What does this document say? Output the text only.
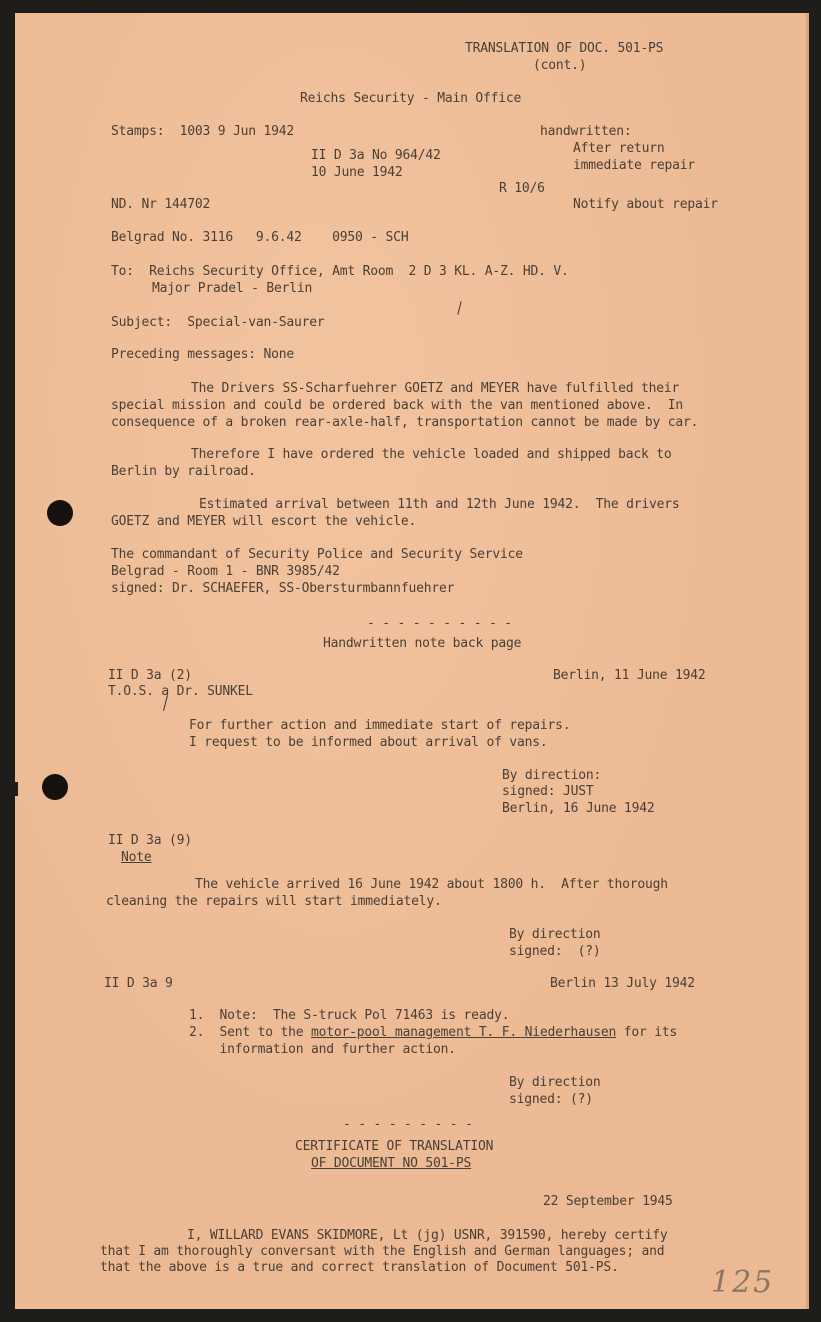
TRANSLATION OF DOC. 501-PS
(cont.)
Reichs Security - Main Office
Stamps:  1003 9 Jun 1942	handwritten:
After return
immediate repair
II D 3a No 964/42
10 June 1942
R 10/6
ND. Nr 144702	Notify about repair
Belgrad No. 3116   9.6.42    0950 - SCH
To:  Reichs Security Office, Amt Room  2 D 3 KL. A-Z. HD. V.
Major Pradel - Berlin
Subject:  Special-van-Saurer
Preceding messages: None
The Drivers SS-Scharfuehrer GOETZ and MEYER have fulfilled their
special mission and could be ordered back with the van mentioned above.  In
consequence of a broken rear-axle-half, transportation cannot be made by car.
Therefore I have ordered the vehicle loaded and shipped back to
Berlin by railroad.
Estimated arrival between 11th and 12th June 1942.  The drivers
GOETZ and MEYER will escort the vehicle.
The commandant of Security Police and Security Service
Belgrad - Room 1 - BNR 3985/42
signed: Dr. SCHAEFER, SS-Obersturmbannfuehrer
- - - - - - - - - -
Handwritten note back page
II D 3a (2)	Berlin, 11 June 1942
T.O.S. a Dr. SUNKEL
For further action and immediate start of repairs.
I request to be informed about arrival of vans.
By direction:
signed: JUST
Berlin, 16 June 1942
II D 3a (9)
Note
The vehicle arrived 16 June 1942 about 1800 h.  After thorough
cleaning the repairs will start immediately.
By direction
signed:  (?)
II D 3a 9	Berlin 13 July 1942
1.  Note:  The S-truck Pol 71463 is ready.
2.  Sent to the motor-pool management T. F. Niederhausen for its
information and further action.
By direction
signed: (?)
- - - - - - - - -
CERTIFICATE OF TRANSLATION
OF DOCUMENT NO 501-PS
22 September 1945
I, WILLARD EVANS SKIDMORE, Lt (jg) USNR, 391590, hereby certify
that I am thoroughly conversant with the English and German languages; and
that the above is a true and correct translation of Document 501-PS.	125
